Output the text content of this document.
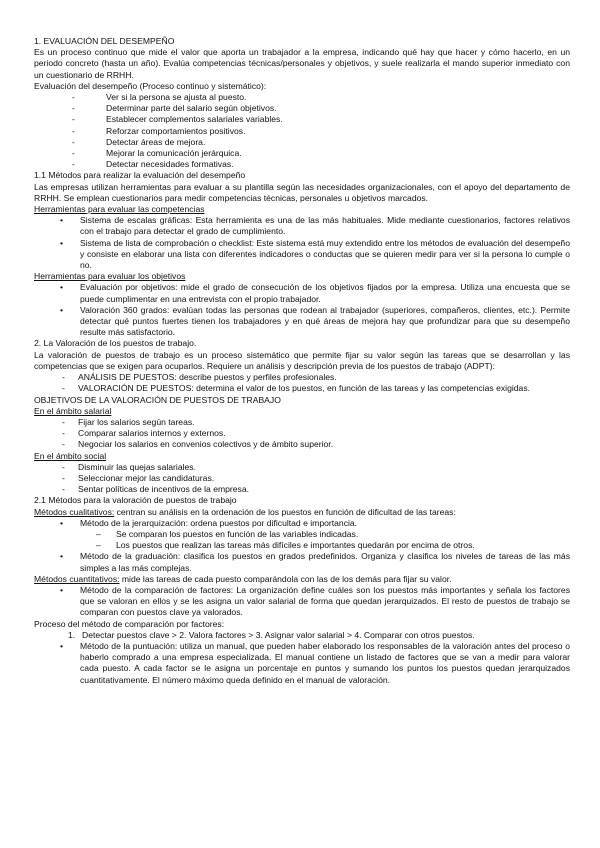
1. EVALUACIÓN DEL DESEMPEÑO

Es un proceso continuo que mide el valor que aporta un trabajador a la empresa, indicando qué hay que hacer y cómo hacerlo, en un periodo concreto (hasta un año). Evalúa competencias técnicas/personales y objetivos, y suele realizarla el mando superior inmediato con un cuestionario de RRHH.

Evaluación del desempeño (Proceso continuo y sistemático):

- Ver si la persona se ajusta al puesto.
- Determinar parte del salario según objetivos.
- Establecer complementos salariales variables.
- Reforzar comportamientos positivos.
- Detectar áreas de mejora.
- Mejorar la comunicación jerárquica.
- Detectar necesidades formativas.

1.1 Métodos para realizar la evaluación del desempeño

Las empresas utilizan herramientas para evaluar a su plantilla según las necesidades organizacionales, con el apoyo del departamento de RRHH. Se emplean cuestionarios para medir competencias técnicas, personales u objetivos marcados.

Herramientas para evaluar las competencias

• Sistema de escalas gráficas: Esta herramienta es una de las más habituales. Mide mediante cuestionarios, factores relativos con el trabajo para detectar el grado de cumplimiento.
• Sistema de lista de comprobación o checklist: Este sistema está muy extendido entre los métodos de evaluación del desempeño y consiste en elaborar una lista con diferentes indicadores o conductas que se quieren medir para ver si la persona lo cumple o no.

Herramientas para evaluar los objetivos

• Evaluación por objetivos: mide el grado de consecución de los objetivos fijados por la empresa. Utiliza una encuesta que se puede cumplimentar en una entrevista con el propio trabajador.
• Valoración 360 grados: evalúan todas las personas que rodean al trabajador (superiores, compañeros, clientes, etc.). Permite detectar qué puntos fuertes tienen los trabajadores y en qué áreas de mejora hay que profundizar para que su desempeño resulte más satisfactorio.

2. La Valoración de los puestos de trabajo.

La valoración de puestos de trabajo es un proceso sistemático que permite fijar su valor según las tareas que se desarrollan y las competencias que se exigen para ocuparlos. Requiere un análisis y descripción previa de los puestos de trabajo (ADPT):

- ANÁLISIS DE PUESTOS: describe puestos y perfiles profesionales.
- VALORACIÓN DE PUESTOS: determina el valor de los puestos, en función de las tareas y las competencias exigidas.

OBJETIVOS DE LA VALORACIÓN DE PUESTOS DE TRABAJO

En el ámbito salarial

- Fijar los salarios según tareas.
- Comparar salarios internos y externos.
- Negociar los salarios en convenios colectivos y de ámbito superior.

En el ámbito social

- Disminuir las quejas salariales.
- Seleccionar mejor las candidaturas.
- Sentar políticas de incentivos de la empresa.

2.1 Métodos para la valoración de puestos de trabajo

Métodos cualitativos: centran su análisis en la ordenación de los puestos en función de dificultad de las tareas:

• Método de la jerarquización: ordena puestos por dificultad e importancia.
– Se comparan los puestos en función de las variables indicadas.
– Los puestos que realizan las tareas más difíciles e importantes quedarán por encima de otros.
• Método de la graduación: clasifica los puestos en grados predefinidos. Organiza y clasifica los niveles de tareas de las más simples a las más complejas.

Métodos cuantitativos: mide las tareas de cada puesto comparándola con las de los demás para fijar su valor.

• Método de la comparación de factores: La organización define cuáles son los puestos más importantes y señala los factores que se valoran en ellos y se les asigna un valor salarial de forma que quedan jerarquizados. El resto de puestos de trabajo se comparan con puestos clave ya valorados.

Proceso del método de comparación por factores:

1. Detectar puestos clave > 2. Valora factores > 3. Asignar valor salarial > 4. Comparar con otros puestos.
• Método de la puntuación: utiliza un manual, que pueden haber elaborado los responsables de la valoración antes del proceso o haberlo comprado a una empresa especializada. El manual contiene un listado de factores que se van a medir para valorar cada puesto. A cada factor se le asigna un porcentaje en puntos y sumando los puntos los puestos quedan jerarquizados cuantitativamente. El número máximo queda definido en el manual de valoración.
